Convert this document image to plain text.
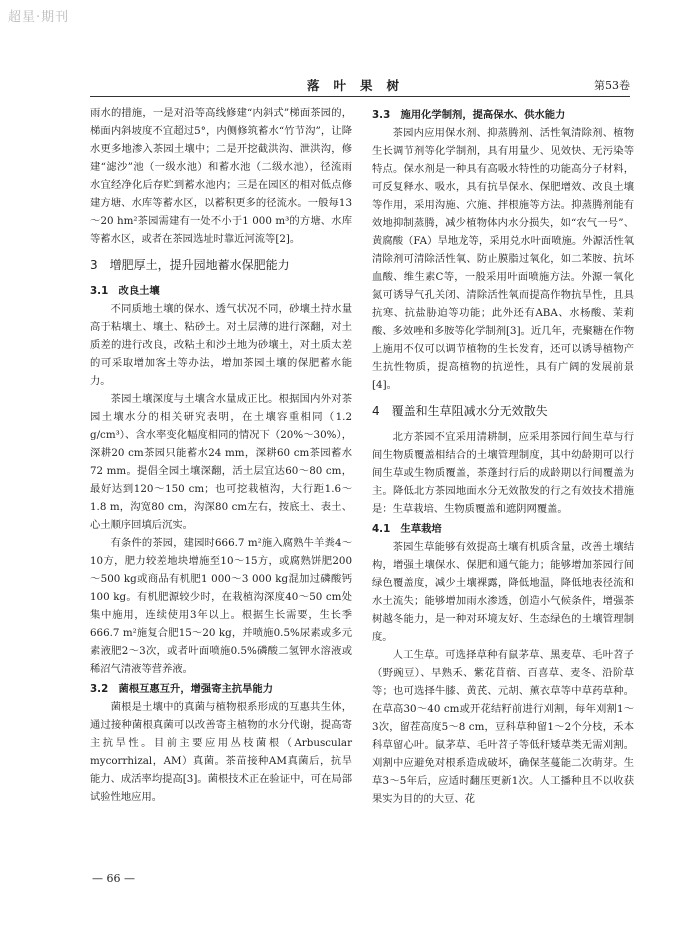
超星·期刊
落叶果树	第53卷

雨水的措施，一是对沿等高线修建“内斜式”梯面茶园的，梯面内斜坡度不宜超过5°，内侧修筑蓄水“竹节沟”，让降水更多地渗入茶园土壤中；二是开挖截洪沟、泄洪沟，修建“滤沙”池（一级水池）和蓄水池（二级水池），径流雨水宜经净化后存贮到蓄水池内；三是在园区的相对低点修建方塘、水库等蓄水区，以蓄积更多的径流水。一般每13～20 hm²茶园需建有一处不小于1 000 m³的方塘、水库等蓄水区，或者在茶园选址时靠近河流等[2]。

3　增肥厚土，提升园地蓄水保肥能力
3.1　改良土壤

不同质地土壤的保水、透气状况不同，砂壤土持水量高于粘壤土、壤土、粘砂土。对土层薄的进行深翻，对土质差的进行改良，改粘土和沙土地为砂壤土，对土质太差的可采取增加客土等办法，增加茶园土壤的保肥蓄水能力。

茶园土壤深度与土壤含水量成正比。根据国内外对茶园土壤水分的相关研究表明，在土壤容重相同（1.2 g/cm³）、含水率变化幅度相同的情况下（20%～30%），深耕20 cm茶园只能蓄水24 mm，深耕60 cm茶园蓄水72 mm。提倡全园土壤深翻，活土层宜达60～80 cm，最好达到120～150 cm；也可挖栽植沟，大行距1.6～1.8 m，沟宽80 cm，沟深80 cm左右，按底土、表土、心土顺序回填后沉实。

有条件的茶园，建园时666.7 m²施入腐熟牛羊粪4～10方，肥力较差地块增施至10～15方，或腐熟饼肥200～500 kg或商品有机肥1 000～3 000 kg混加过磷酸钙100 kg。有机肥源较少时，在栽植沟深度40～50 cm处集中施用，连续使用3年以上。根据生长需要，生长季666.7 m²施复合肥15～20 kg，并喷施0.5%尿素或多元素液肥2～3次，或者叶面喷施0.5%磷酸二氢钾水溶液或稀沼气清液等营养液。

3.2　菌根互惠互升，增强寄主抗旱能力

菌根是土壤中的真菌与植物根系形成的互惠共生体，通过接种菌根真菌可以改善寄主植物的水分代谢，提高寄主抗旱性。目前主要应用丛枝菌根（Arbuscular mycorrhizal，AM）真菌。茶苗接种AM真菌后，抗旱能力、成活率均提高[3]。菌根技术正在验证中，可在局部试验性地应用。

3.3　施用化学制剂，提高保水、供水能力

茶园内应用保水剂、抑蒸腾剂、活性氧清除剂、植物生长调节剂等化学制剂，具有用量少、见效快、无污染等特点。保水剂是一种具有高吸水特性的功能高分子材料，可反复释水、吸水，具有抗旱保水、保肥增效、改良土壤等作用，采用沟施、穴施、拌根施等方法。抑蒸腾剂能有效地抑制蒸腾，减少植物体内水分损失，如“农气一号”、黄腐酸（FA）旱地龙等，采用兑水叶面喷施。外源活性氧清除剂可清除活性氧、防止膜脂过氧化，如二苯胺、抗坏血酸、维生素C等，一般采用叶面喷施方法。外源一氧化氮可诱导气孔关闭、清除活性氧而提高作物抗旱性，且具抗寒、抗盐胁迫等功能；此外还有ABA、水杨酸、茉莉酸、多效唑和多胺等化学制剂[3]。近几年，壳聚糖在作物上施用不仅可以调节植物的生长发育，还可以诱导植物产生抗性物质，提高植物的抗逆性，具有广阔的发展前景[4]。

4　覆盖和生草阻减水分无效散失

北方茶园不宜采用清耕制，应采用茶园行间生草与行间生物质覆盖相结合的土壤管理制度，其中幼龄期可以行间生草或生物质覆盖，茶蓬封行后的成龄期以行间覆盖为主。降低北方茶园地面水分无效散发的行之有效技术措施是：生草栽培、生物质覆盖和遮阴网覆盖。

4.1　生草栽培

茶园生草能够有效提高土壤有机质含量，改善土壤结构，增强土壤保水、保肥和通气能力；能够增加茶园行间绿色覆盖度，减少土壤裸露，降低地温，降低地表径流和水土流失；能够增加雨水渗透，创造小气候条件，增强茶树越冬能力，是一种对环境友好、生态绿色的土壤管理制度。

人工生草。可选择草种有鼠茅草、黑麦草、毛叶苕子（野豌豆）、早熟禾、紫花苜蓿、百喜草、麦冬、沿阶草等；也可选择牛膝、黄芪、元胡、薰衣草等中草药草种。在草高30～40 cm或开花结籽前进行刈割，每年刈割1～3次，留茬高度5～8 cm，豆科草种留1～2个分枝，禾本科草留心叶。鼠茅草、毛叶苕子等低秆矮草类无需刈割。刈割中应避免对根系造成破坏，确保茎蔓能二次萌芽。生草3～5年后，应适时翻压更新1次。人工播种且不以收获果实为目的的大豆、花

— 66 —
